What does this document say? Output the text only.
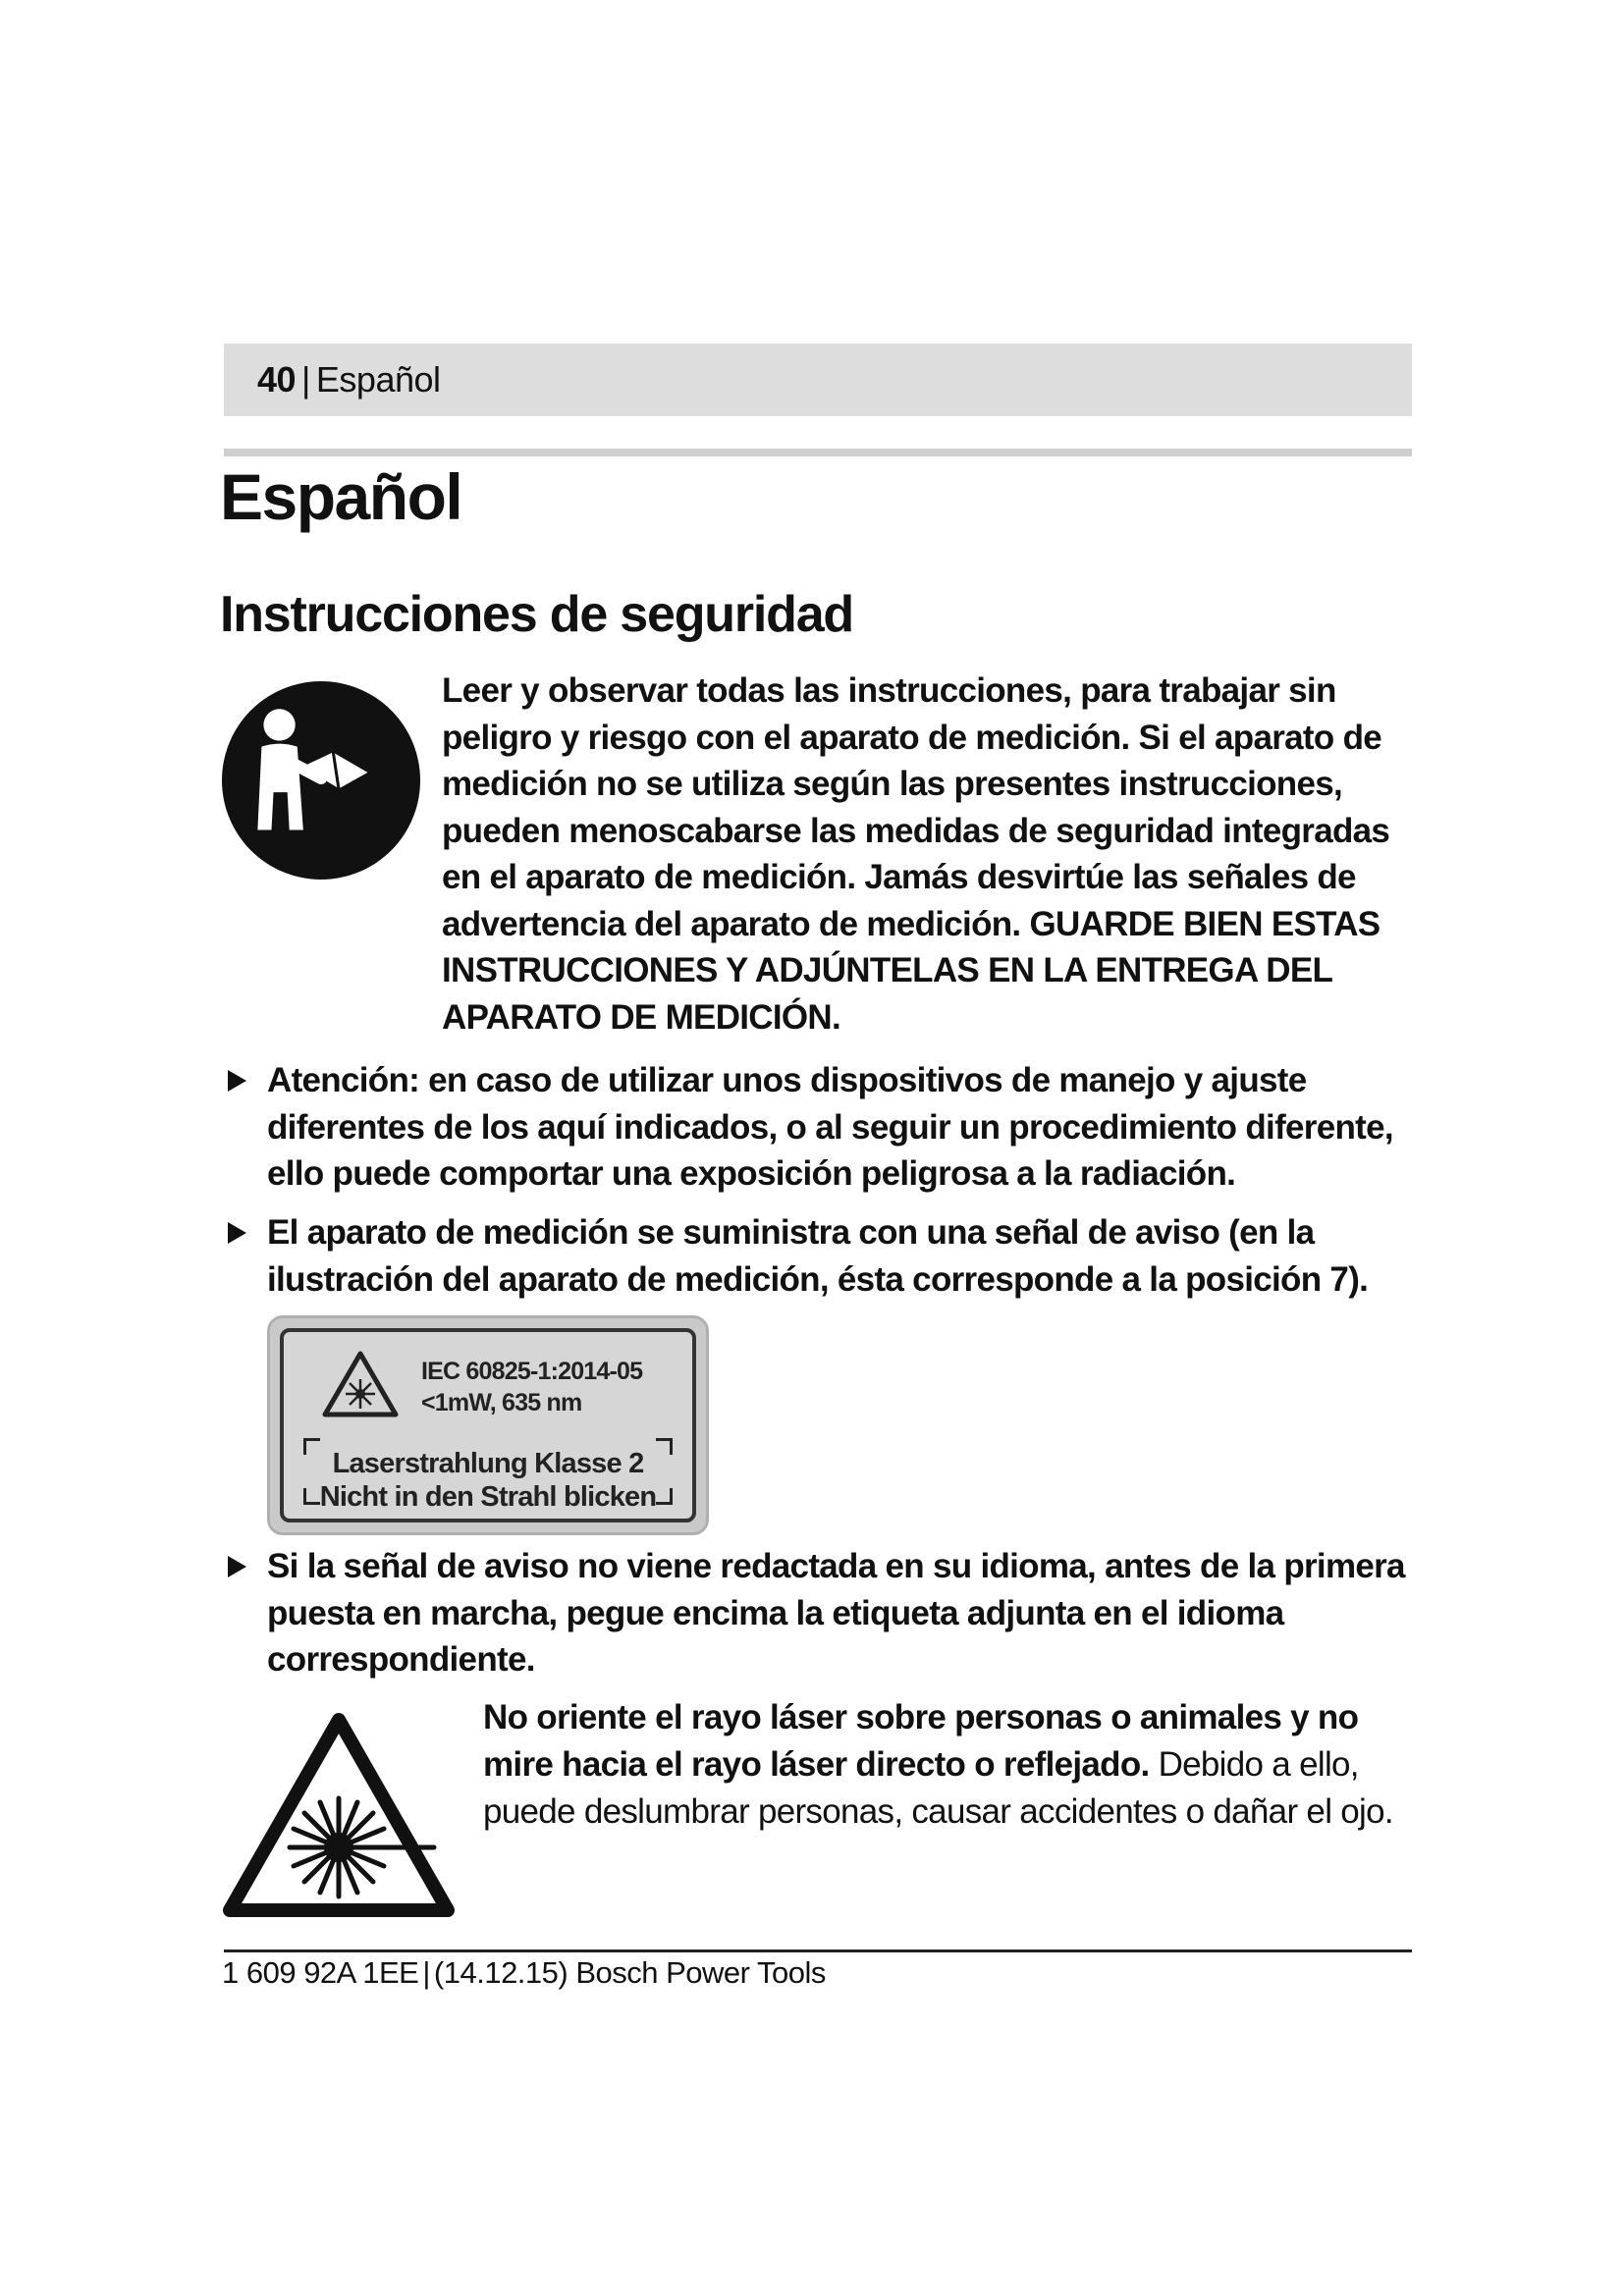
40 | Español
Español
Instrucciones de seguridad
Leer y observar todas las instrucciones, para trabajar sin peligro y riesgo con el aparato de medición. Si el aparato de medición no se utiliza según las presentes instrucciones, pueden menoscabarse las medidas de seguridad integradas en el aparato de medición. Jamás desvirtúe las señales de advertencia del aparato de medición. GUARDE BIEN ESTAS INSTRUCCIONES Y ADJÚNTELAS EN LA ENTREGA DEL APARATO DE MEDICIÓN.
Atención: en caso de utilizar unos dispositivos de manejo y ajuste diferentes de los aquí indicados, o al seguir un procedimiento diferente, ello puede comportar una exposición peligrosa a la radiación.
El aparato de medición se suministra con una señal de aviso (en la ilustración del aparato de medición, ésta corresponde a la posición 7).
IEC 60825-1:2014-05
<1mW, 635 nm
Laserstrahlung Klasse 2
Nicht in den Strahl blicken
Si la señal de aviso no viene redactada en su idioma, antes de la primera puesta en marcha, pegue encima la etiqueta adjunta en el idioma correspondiente.
No oriente el rayo láser sobre personas o animales y no mire hacia el rayo láser directo o reflejado. Debido a ello, puede deslumbrar personas, causar accidentes o dañar el ojo.
1 609 92A 1EE | (14.12.15) Bosch Power Tools
